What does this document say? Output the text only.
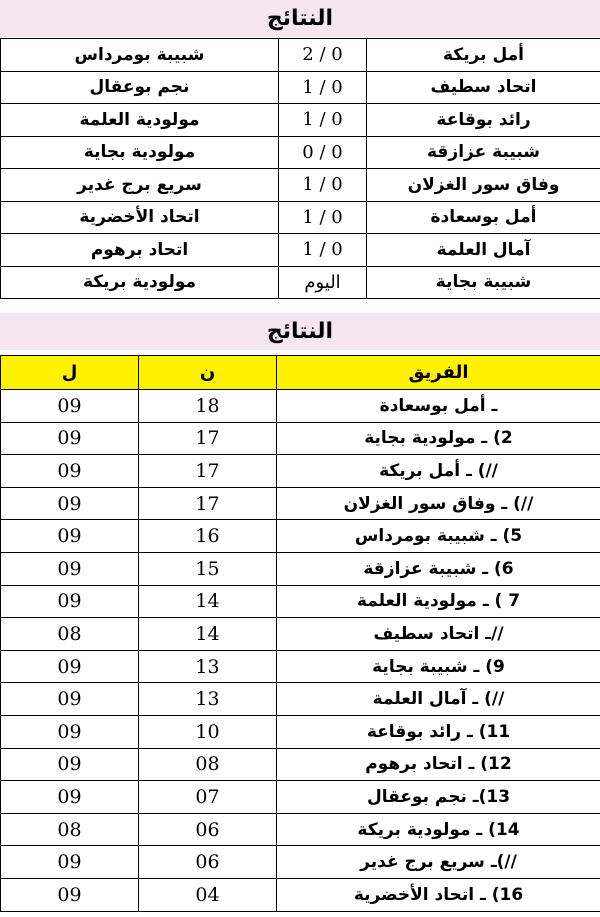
النتائج
أمل بريكة	0 / 2	شبيبة بومرداس
اتحاد سطيف	0 / 1	نجم بوعقال
رائد بوقاعة	0 / 1	مولودية العلمة
شبيبة عزازقة	0 / 0	مولودية بجاية
وفاق سور الغزلان	0 / 1	سريع برج غدير
أمل بوسعادة	0 / 1	اتحاد الأخضرية
آمال العلمة	0 / 1	اتحاد برهوم
شبيبة بجاية	اليوم	مولودية بريكة
النتائج
الفريق	ن	ل
ـ أمل بوسعادة	18	09
2) ـ مولودية بجاية	17	09
//) ـ أمل بريكة	17	09
//) ـ وفاق سور الغزلان	17	09
5) ـ شبيبة بومرداس	16	09
6) ـ شبيبة عزازقة	15	09
7 ) ـ مولودية العلمة	14	09
//ـ اتحاد سطيف	14	08
9) ـ شبيبة بجاية	13	09
//) ـ آمال العلمة	13	09
11) ـ رائد بوقاعة	10	09
12) ـ اتحاد برهوم	08	09
13)ـ نجم بوعقال	07	09
14) ـ مولودية بريكة	06	08
//)ـ سريع برج غدير	06	09
16) ـ اتحاد الأخضرية	04	09
